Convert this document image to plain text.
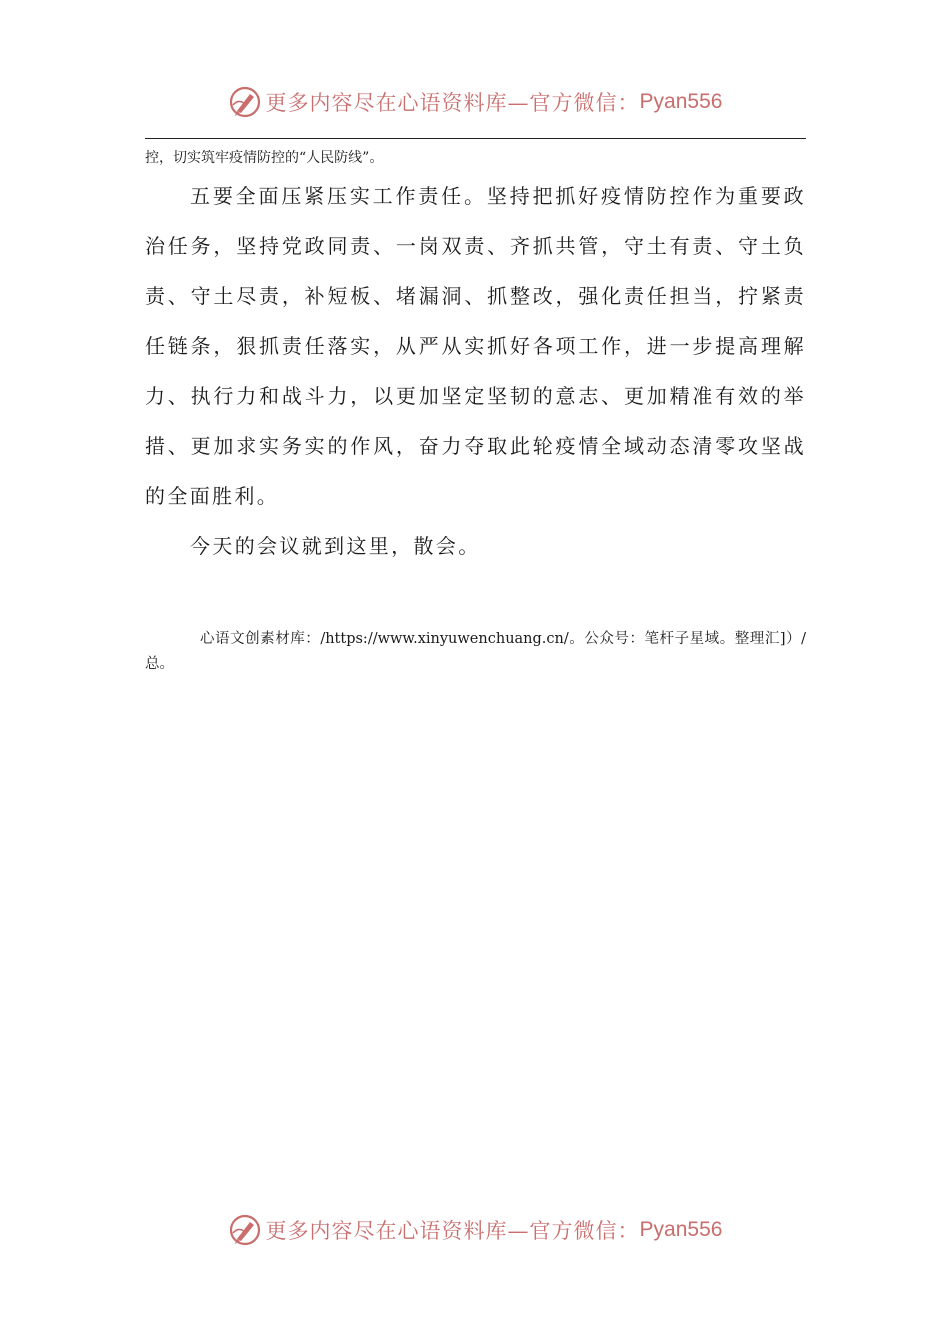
更多内容尽在心语资料库—官方微信： Pyan556

控，切实筑牢疫情防控的“人民防线”。

五要全面压紧压实工作责任。坚持把抓好疫情防控作为重要政治任务，坚持党政同责、一岗双责、齐抓共管，守土有责、守土负责、守土尽责，补短板、堵漏洞、抓整改，强化责任担当，拧紧责任链条，狠抓责任落实，从严从实抓好各项工作，进一步提高理解力、执行力和战斗力，以更加坚定坚韧的意志、更加精准有效的举措、更加求实务实的作风，奋力夺取此轮疫情全域动态清零攻坚战的全面胜利。

今天的会议就到这里，散会。

心语文创素材库：/https://www.xinyuwenchuang.cn/。公众号：笔杆子星域。整理汇]）/总。

更多内容尽在心语资料库—官方微信： Pyan556
